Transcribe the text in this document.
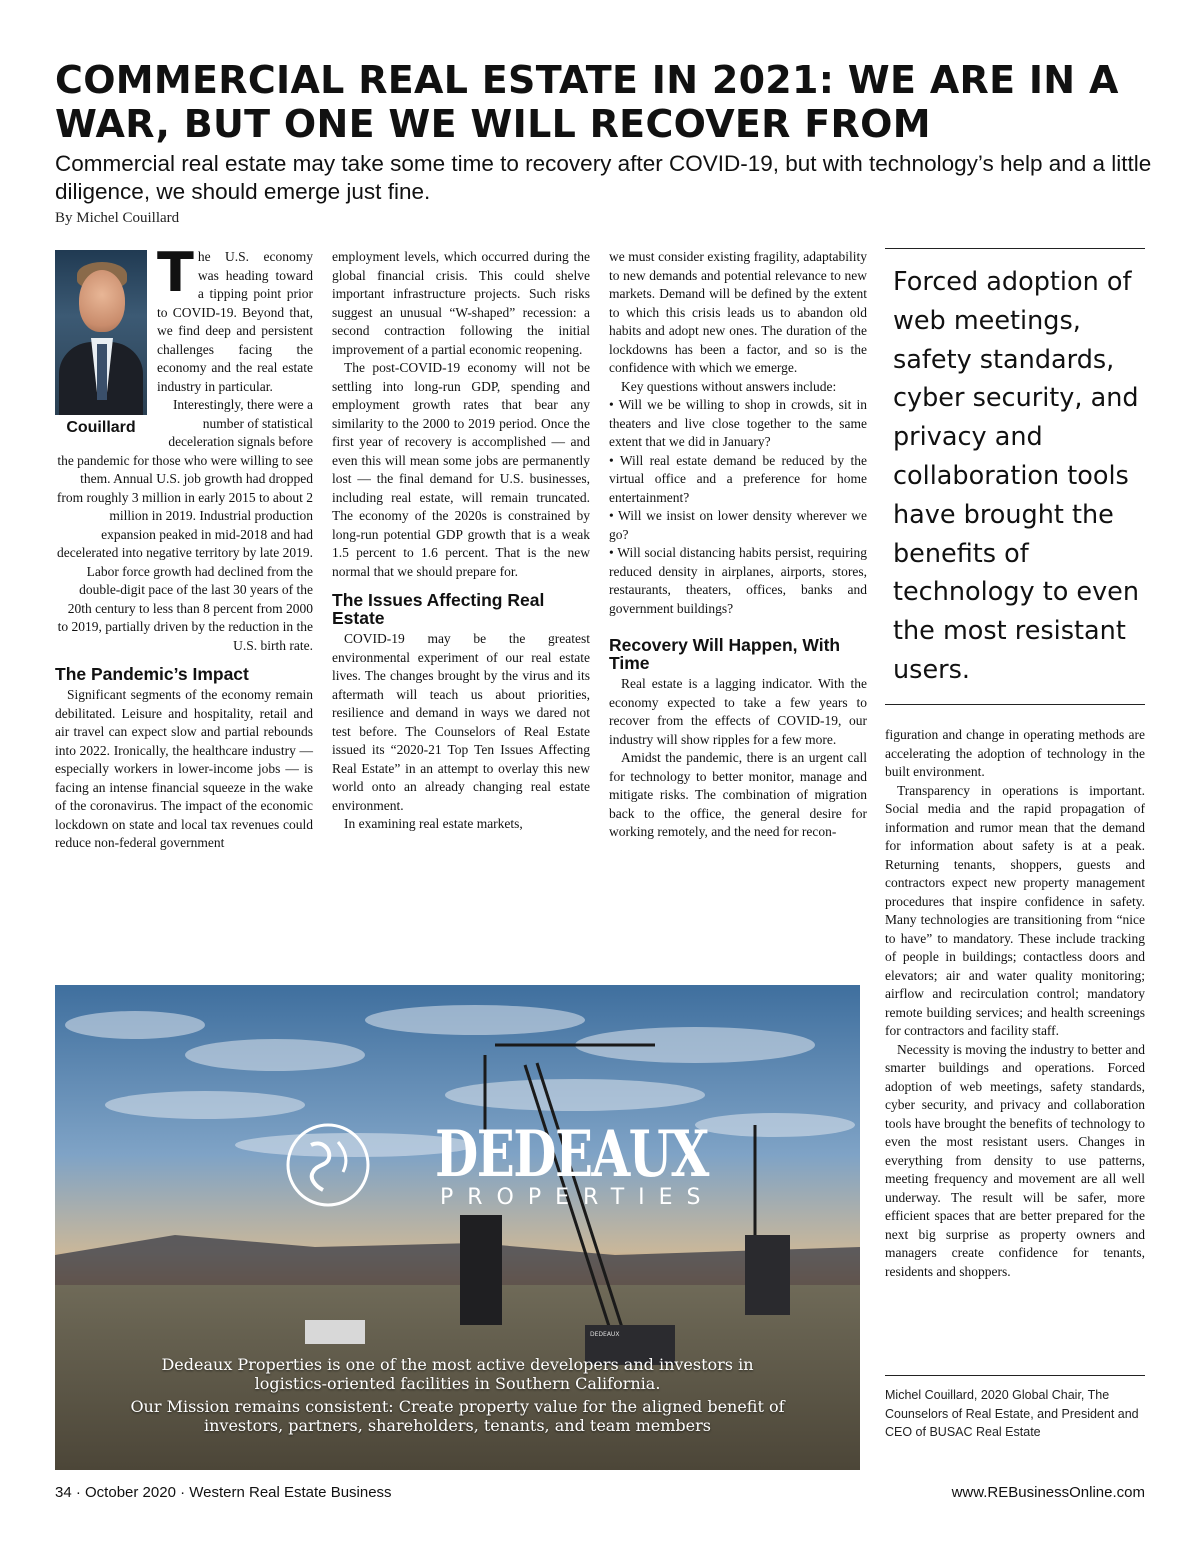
COMMERCIAL REAL ESTATE IN 2021: WE ARE IN A WAR, BUT ONE WE WILL RECOVER FROM

Commercial real estate may take some time to recovery after COVID-19, but with technology’s help and a little diligence, we should emerge just fine.

By Michel Couillard
Couillard

The U.S. economy was heading toward a tipping point prior to COVID-19. Beyond that, we find deep and persistent challenges facing the economy and the real estate industry in particular.

Interestingly, there were a number of statistical deceleration signals before the pandemic for those who were willing to see them. Annual U.S. job growth had dropped from roughly 3 million in early 2015 to about 2 million in 2019. Industrial production expansion peaked in mid-2018 and had decelerated into negative territory by late 2019. Labor force growth had declined from the double-digit pace of the last 30 years of the 20th century to less than 8 percent from 2000 to 2019, partially driven by the reduction in the U.S. birth rate.

The Pandemic’s Impact

Significant segments of the economy remain debilitated. Leisure and hospitality, retail and air travel can expect slow and partial rebounds into 2022. Ironically, the healthcare industry — especially workers in lower-income jobs — is facing an intense financial squeeze in the wake of the coronavirus. The impact of the economic lockdown on state and local tax revenues could reduce non-federal government

employment levels, which occurred during the global financial crisis. This could shelve important infrastructure projects. Such risks suggest an unusual “W-shaped” recession: a second contraction following the initial improvement of a partial economic reopening.

The post-COVID-19 economy will not be settling into long-run GDP, spending and employment growth rates that bear any similarity to the 2000 to 2019 period. Once the first year of recovery is accomplished — and even this will mean some jobs are permanently lost — the final demand for U.S. businesses, including real estate, will remain truncated. The economy of the 2020s is constrained by long-run potential GDP growth that is a weak 1.5 percent to 1.6 percent. That is the new normal that we should prepare for.

The Issues Affecting Real Estate

COVID-19 may be the greatest environmental experiment of our real estate lives. The changes brought by the virus and its aftermath will teach us about priorities, resilience and demand in ways we dared not test before. The Counselors of Real Estate issued its “2020-21 Top Ten Issues Affecting Real Estate” in an attempt to overlay this new world onto an already changing real estate environment.

In examining real estate markets,

we must consider existing fragility, adaptability to new demands and potential relevance to new markets. Demand will be defined by the extent to which this crisis leads us to abandon old habits and adopt new ones. The duration of the lockdowns has been a factor, and so is the confidence with which we emerge.

Key questions without answers include:

• Will we be willing to shop in crowds, sit in theaters and live close together to the same extent that we did in January?

• Will real estate demand be reduced by the virtual office and a preference for home entertainment?

• Will we insist on lower density wherever we go?

• Will social distancing habits persist, requiring reduced density in airplanes, airports, stores, restaurants, theaters, offices, banks and government buildings?

Recovery Will Happen, With Time

Real estate is a lagging indicator. With the economy expected to take a few years to recover from the effects of COVID-19, our industry will show ripples for a few more.

Amidst the pandemic, there is an urgent call for technology to better monitor, manage and mitigate risks. The combination of migration back to the office, the general desire for working remotely, and the need for recon-

Forced adoption of web meetings, safety standards, cyber security, and privacy and collaboration tools have brought the benefits of technology to even the most resistant users.

figuration and change in operating methods are accelerating the adoption of technology in the built environment.

Transparency in operations is important. Social media and the rapid propagation of information and rumor mean that the demand for information about safety is at a peak. Returning tenants, shoppers, guests and contractors expect new property management procedures that inspire confidence in safety. Many technologies are transitioning from “nice to have” to mandatory. These include tracking of people in buildings; contactless doors and elevators; air and water quality monitoring; airflow and recirculation control; mandatory remote building services; and health screenings for contractors and facility staff.

Necessity is moving the industry to better and smarter buildings and operations. Forced adoption of web meetings, safety standards, cyber security, and privacy and collaboration tools have brought the benefits of technology to even the most resistant users. Changes in everything from density to use patterns, meeting frequency and movement are all well underway. The result will be safer, more efficient spaces that are better prepared for the next big surprise as property owners and managers create confidence for tenants, residents and shoppers.

Michel Couillard, 2020 Global Chair, The Counselors of Real Estate, and President and CEO of BUSAC Real Estate
DEDEAUX
PROPERTIES
Dedeaux Properties is one of the most active developers and investors in logistics-oriented facilities in Southern California.
Our Mission remains consistent: Create property value for the aligned benefit of investors, partners, shareholders, tenants, and team members
DEDEAUX
34 · October 2020 · Western Real Estate Business	www.REBusinessOnline.com
